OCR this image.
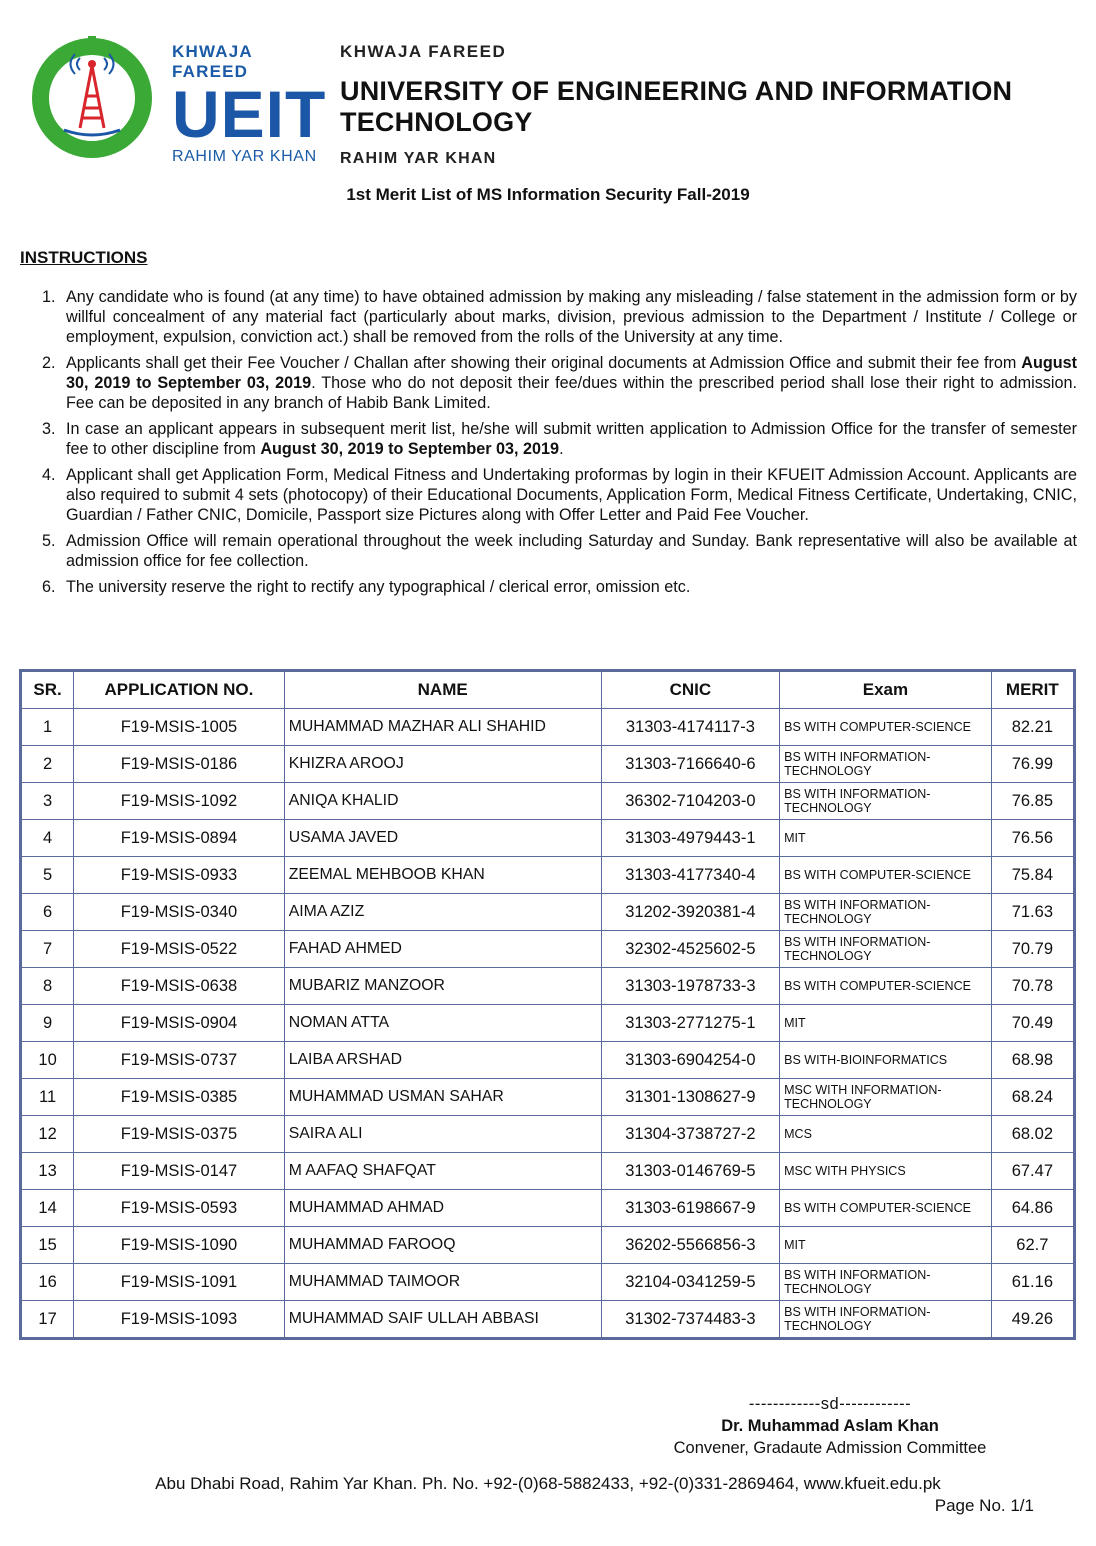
KHWAJA FAREED
UEIT
RAHIM YAR KHAN
KHWAJA FAREED
UNIVERSITY OF ENGINEERING AND INFORMATION TECHNOLOGY
RAHIM YAR KHAN
1st Merit List of MS Information Security Fall-2019
INSTRUCTIONS
1. Any candidate who is found (at any time) to have obtained admission by making any misleading / false statement in the admission form or by willful concealment of any material fact (particularly about marks, division, previous admission to the Department / Institute / College or employment, expulsion, conviction act.) shall be removed from the rolls of the University at any time.
2. Applicants shall get their Fee Voucher / Challan after showing their original documents at Admission Office and submit their fee from August 30, 2019 to September 03, 2019. Those who do not deposit their fee/dues within the prescribed period shall lose their right to admission. Fee can be deposited in any branch of Habib Bank Limited.
3. In case an applicant appears in subsequent merit list, he/she will submit written application to Admission Office for the transfer of semester fee to other discipline from August 30, 2019 to September 03, 2019.
4. Applicant shall get Application Form, Medical Fitness and Undertaking proformas by login in their KFUEIT Admission Account. Applicants are also required to submit 4 sets (photocopy) of their Educational Documents, Application Form, Medical Fitness Certificate, Undertaking, CNIC, Guardian / Father CNIC, Domicile, Passport size Pictures along with Offer Letter and Paid Fee Voucher.
5. Admission Office will remain operational throughout the week including Saturday and Sunday. Bank representative will also be available at admission office for fee collection.
6. The university reserve the right to rectify any typographical / clerical error, omission etc.
SR.	APPLICATION NO.	NAME	CNIC	Exam	MERIT
1	F19-MSIS-1005	MUHAMMAD MAZHAR ALI SHAHID	31303-4174117-3	BS WITH COMPUTER-SCIENCE	82.21
2	F19-MSIS-0186	KHIZRA AROOJ	31303-7166640-6	BS WITH INFORMATION-TECHNOLOGY	76.99
3	F19-MSIS-1092	ANIQA KHALID	36302-7104203-0	BS WITH INFORMATION-TECHNOLOGY	76.85
4	F19-MSIS-0894	USAMA JAVED	31303-4979443-1	MIT	76.56
5	F19-MSIS-0933	ZEEMAL MEHBOOB KHAN	31303-4177340-4	BS WITH COMPUTER-SCIENCE	75.84
6	F19-MSIS-0340	AIMA AZIZ	31202-3920381-4	BS WITH INFORMATION-TECHNOLOGY	71.63
7	F19-MSIS-0522	FAHAD AHMED	32302-4525602-5	BS WITH INFORMATION-TECHNOLOGY	70.79
8	F19-MSIS-0638	MUBARIZ MANZOOR	31303-1978733-3	BS WITH COMPUTER-SCIENCE	70.78
9	F19-MSIS-0904	NOMAN ATTA	31303-2771275-1	MIT	70.49
10	F19-MSIS-0737	LAIBA ARSHAD	31303-6904254-0	BS WITH-BIOINFORMATICS	68.98
11	F19-MSIS-0385	MUHAMMAD USMAN SAHAR	31301-1308627-9	MSC WITH INFORMATION-TECHNOLOGY	68.24
12	F19-MSIS-0375	SAIRA ALI	31304-3738727-2	MCS	68.02
13	F19-MSIS-0147	M AAFAQ SHAFQAT	31303-0146769-5	MSC WITH PHYSICS	67.47
14	F19-MSIS-0593	MUHAMMAD AHMAD	31303-6198667-9	BS WITH COMPUTER-SCIENCE	64.86
15	F19-MSIS-1090	MUHAMMAD FAROOQ	36202-5566856-3	MIT	62.7
16	F19-MSIS-1091	MUHAMMAD TAIMOOR	32104-0341259-5	BS WITH INFORMATION-TECHNOLOGY	61.16
17	F19-MSIS-1093	MUHAMMAD SAIF ULLAH ABBASI	31302-7374483-3	BS WITH INFORMATION-TECHNOLOGY	49.26
------------sd------------
Dr. Muhammad Aslam Khan
Convener, Gradaute Admission Committee
Abu Dhabi Road, Rahim Yar Khan. Ph. No. +92-(0)68-5882433, +92-(0)331-2869464, www.kfueit.edu.pk
Page No. 1/1
